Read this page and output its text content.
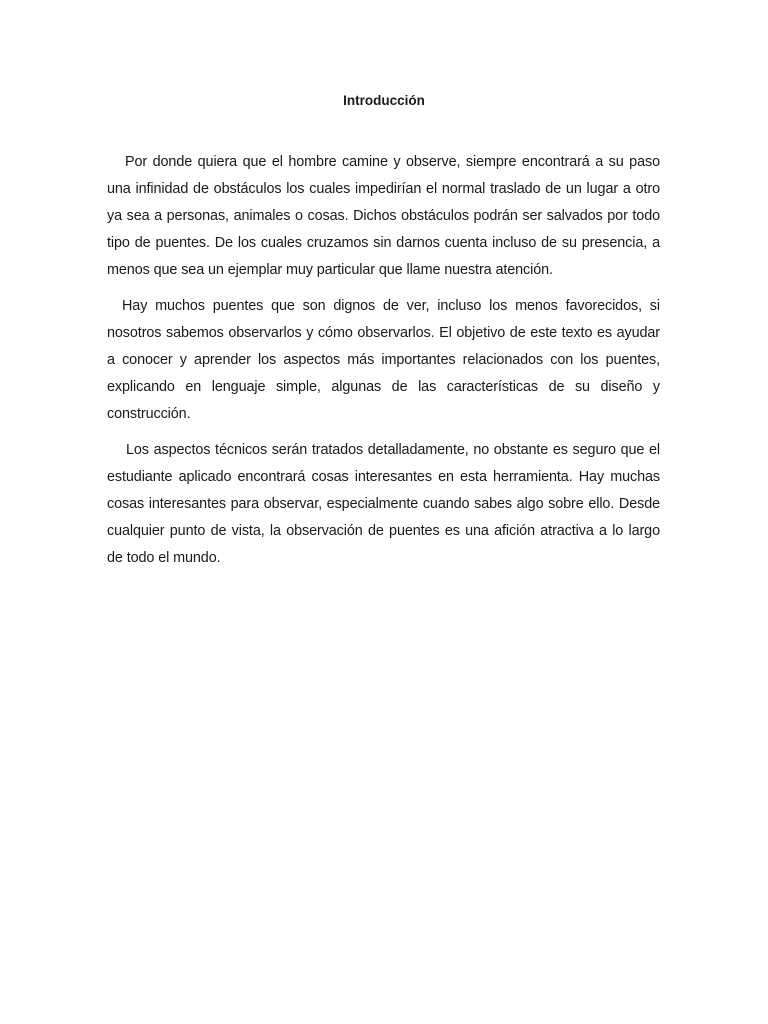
Introducción

Por donde quiera que el hombre camine y observe, siempre encontrará a su paso una infinidad de obstáculos los cuales impedirían el normal traslado de un lugar a otro ya sea a personas, animales o cosas. Dichos obstáculos podrán ser salvados por todo tipo de puentes. De los cuales cruzamos sin darnos cuenta incluso de su presencia, a menos que sea un ejemplar muy particular que llame nuestra atención.

Hay muchos puentes que son dignos de ver, incluso los menos favorecidos, si nosotros sabemos observarlos y cómo observarlos. El objetivo de este texto es ayudar a conocer y aprender los aspectos más importantes relacionados con los puentes, explicando en lenguaje simple, algunas de las características de su diseño y construcción.

Los aspectos técnicos serán tratados detalladamente, no obstante es seguro que el estudiante aplicado encontrará cosas interesantes en esta herramienta. Hay muchas cosas interesantes para observar, especialmente cuando sabes algo sobre ello. Desde cualquier punto de vista, la observación de puentes es una afición atractiva a lo largo de todo el mundo.
